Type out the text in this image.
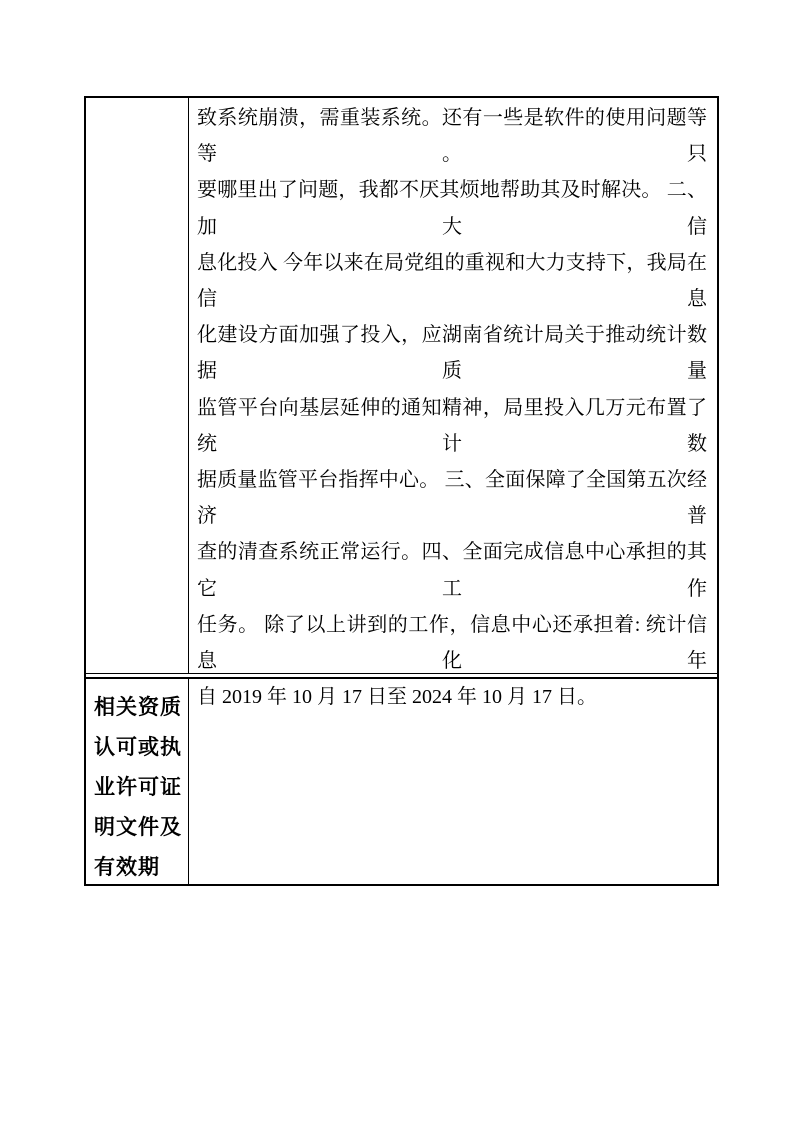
致系统崩溃，需重装系统。还有一些是软件的使用问题等等。只
要哪里出了问题，我都不厌其烦地帮助其及时解决。 二、加大信
息化投入 今年以来在局党组的重视和大力支持下，我局在信息
化建设方面加强了投入，应湖南省统计局关于推动统计数据质量
监管平台向基层延伸的通知精神，局里投入几万元布置了统计数
据质量监管平台指挥中心。 三、全面保障了全国第五次经济普
查的清查系统正常运行。四、全面完成信息中心承担的其它工作
任务。 除了以上讲到的工作，信息中心还承担着: 统计信息化年
相关资质
认可或执
业许可证
明文件及
有效期
自 2019 年 10 月 17 日至 2024 年 10 月 17 日。
